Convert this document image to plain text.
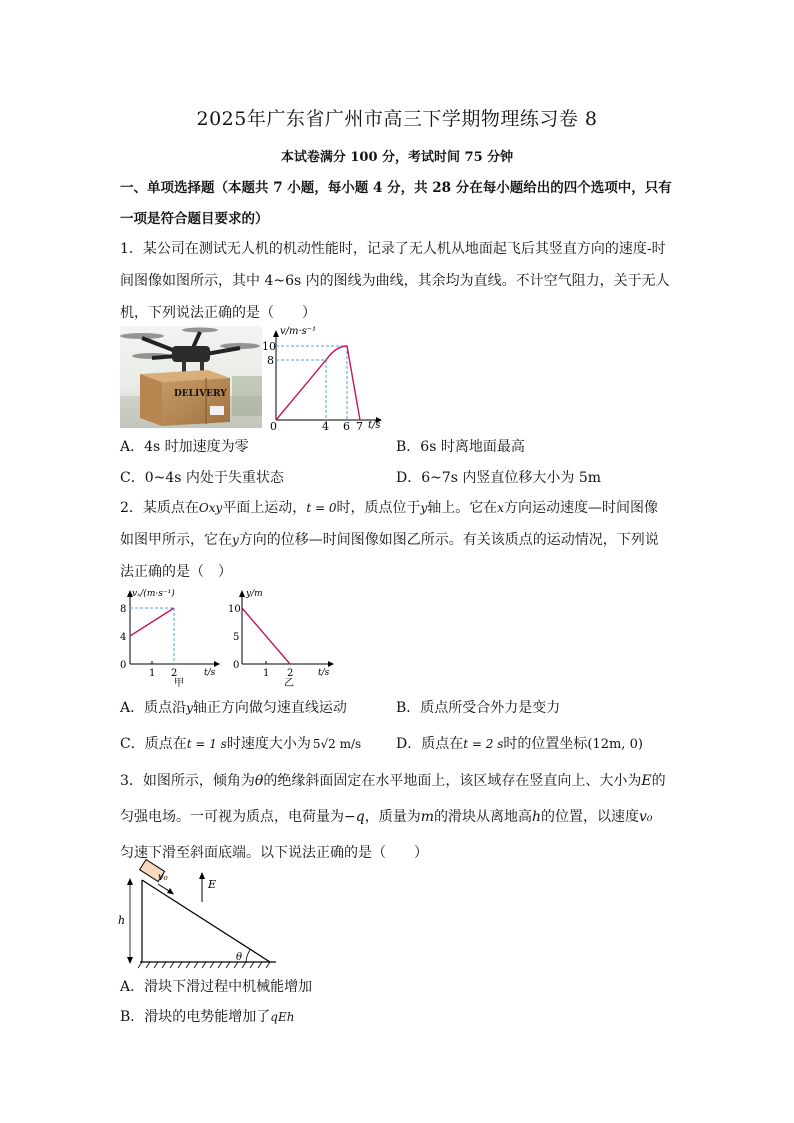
2025年广东省广州市高三下学期物理练习卷 8
本试卷满分 100 分，考试时间 75 分钟
一、单项选择题（本题共 7 小题，每小题 4 分，共 28 分在每小题给出的四个选项中，只有
一项是符合题目要求的）
1．某公司在测试无人机的机动性能时，记录了无人机从地面起飞后其竖直方向的速度-时
间图像如图所示，其中 4~6s 内的图线为曲线，其余均为直线。不计空气阻力，关于无人
机，下列说法正确的是（　　）
DELIVERY
v/m·s⁻¹
t/s
10
8
0	4 6 7
A．4s 时加速度为零	B．6s 时离地面最高
C．0~4s 内处于失重状态	D．6~7s 内竖直位移大小为 5m
2．某质点在Oxy平面上运动，t = 0时，质点位于y轴上。它在x方向运动速度—时间图像
如图甲所示，它在y方向的位移—时间图像如图乙所示。有关该质点的运动情况，下列说
法正确的是（　）
vₓ/(m·s⁻¹)
t/s
8
4
0
1 2
甲
y/m
t/s
10
5
0
1 2
乙
A．质点沿y轴正方向做匀速直线运动	B．质点所受合外力是变力
C．质点在t = 1 s时速度大小为 5√2 m/s D．质点在t = 2 s时的位置坐标(12m, 0)
3．如图所示，倾角为θ的绝缘斜面固定在水平地面上，该区域存在竖直向上、大小为E的
匀强电场。一可视为质点，电荷量为−q，质量为m的滑块从离地高h的位置，以速度v₀
匀速下滑至斜面底端。以下说法正确的是（　　）
v₀
E
h
θ
A．滑块下滑过程中机械能增加
B．滑块的电势能增加了qEh
